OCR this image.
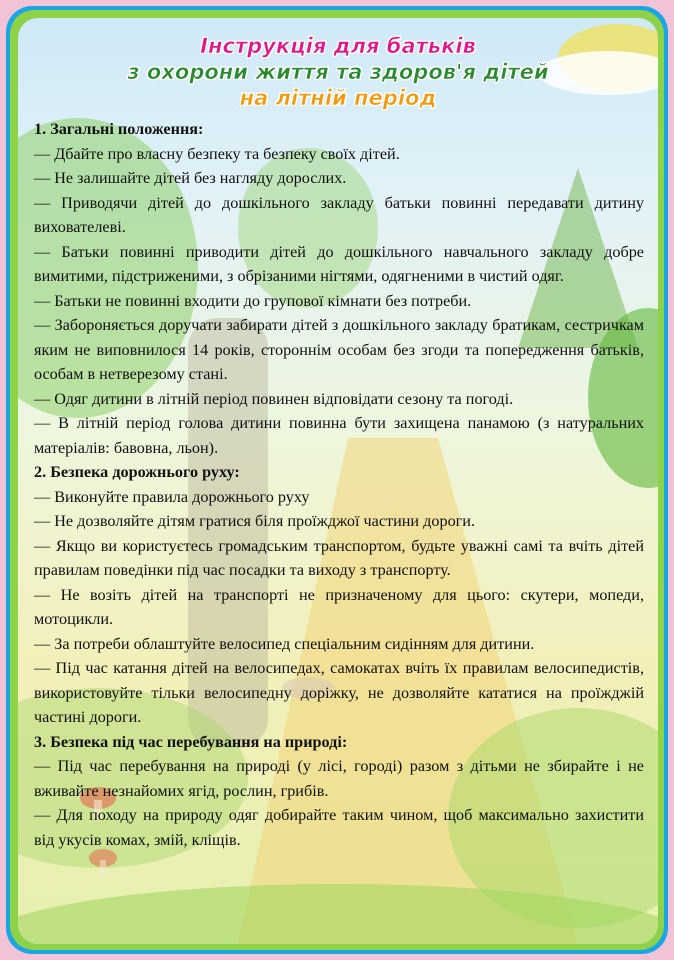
Інструкція для батьків
з охорони життя та здоров'я дітей
на літній період
1. Загальні положення:

— Дбайте про власну безпеку та безпеку своїх дітей.

— Не залишайте дітей без нагляду дорослих.

— Приводячи дітей до дошкільного закладу батьки повинні передавати дитину вихователеві.

— Батьки повинні приводити дітей до дошкільного навчального закладу добре вимитими, підстриженими, з обрізаними нігтями, одягненими в чистий одяг.

— Батьки не повинні входити до групової кімнати без потреби.

— Забороняється доручати забирати дітей з дошкільного закладу братикам, сестричкам яким не виповнилося 14 років, стороннім особам без згоди та попередження батьків, особам в нетверезому стані.

— Одяг дитини в літній період повинен відповідати сезону та погоді.

— В літній період голова дитини повинна бути захищена панамою (з натуральних матеріалів: бавовна, льон).

2. Безпека дорожнього руху:

— Виконуйте правила дорожнього руху

— Не дозволяйте дітям гратися біля проїжджої частини дороги.

— Якщо ви користуєтесь громадським транспортом, будьте уважні самі та вчіть дітей правилам поведінки під час посадки та виходу з транспорту.

— Не возіть дітей на транспорті не призначеному для цього: скутери, мопеди, мотоцикли.

— За потреби облаштуйте велосипед спеціальним сидінням для дитини.

— Під час катання дітей на велосипедах, самокатах вчіть їх правилам велосипедистів, використовуйте тільки велосипедну доріжку, не дозволяйте кататися на проїжджій частині дороги.

3. Безпека під час перебування на природі:

— Під час перебування на природі (у лісі, городі) разом з дітьми не збирайте і не вживайте незнайомих ягід, рослин, грибів.

— Для походу на природу одяг добирайте таким чином, щоб максимально захистити від укусів комах, змій, кліщів.
